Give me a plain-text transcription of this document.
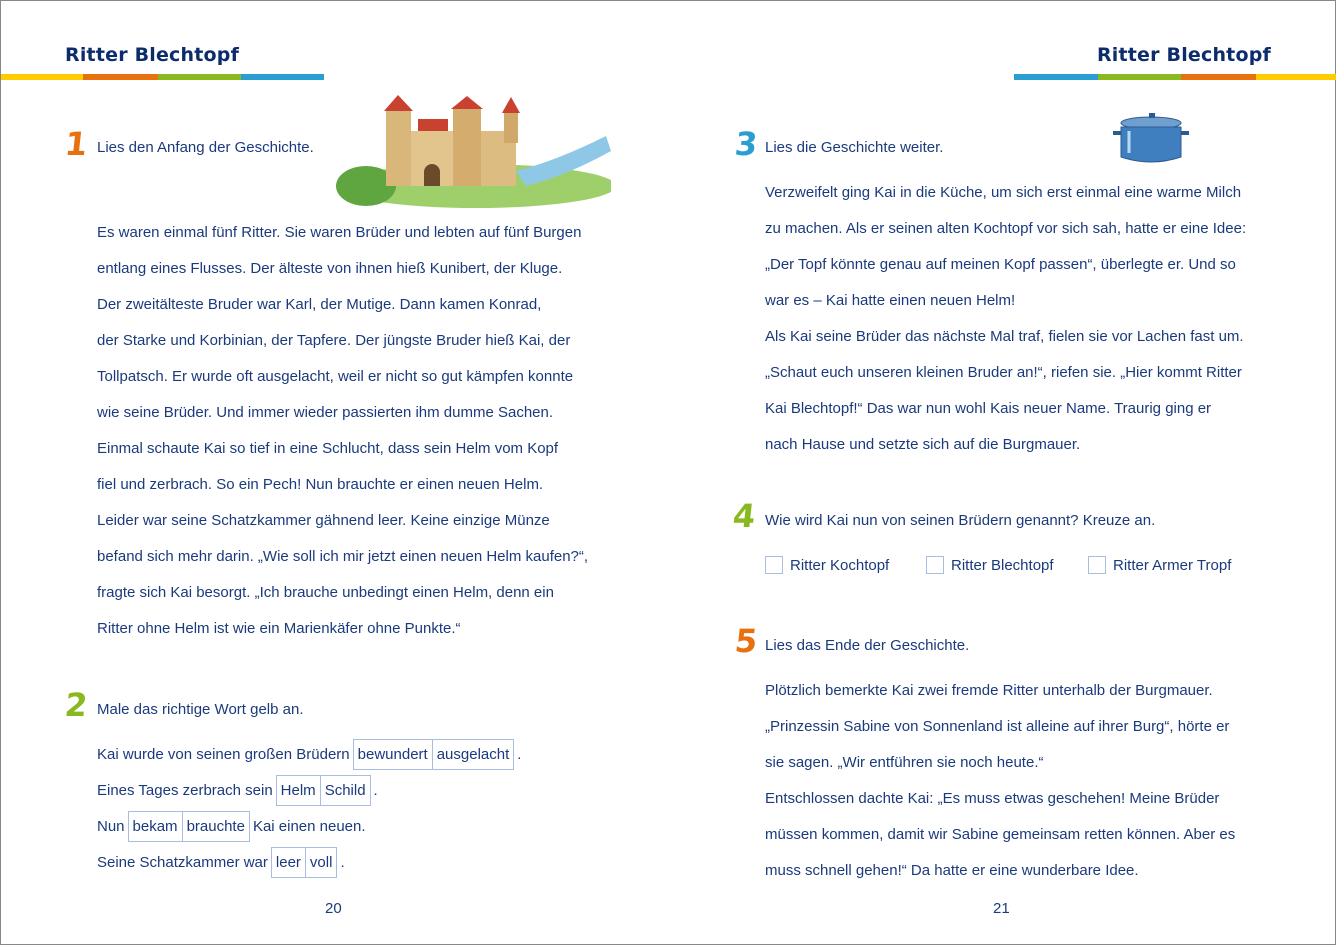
Ritter Blechtopf	Ritter Blechtopf
1 Lies den Anfang der Geschichte.
Es waren einmal fünf Ritter. Sie waren Brüder und lebten auf fünf Burgen
entlang eines Flusses. Der älteste von ihnen hieß Kunibert, der Kluge.
Der zweitälteste Bruder war Karl, der Mutige. Dann kamen Konrad,
der Starke und Korbinian, der Tapfere. Der jüngste Bruder hieß Kai, der
Tollpatsch. Er wurde oft ausgelacht, weil er nicht so gut kämpfen konnte
wie seine Brüder. Und immer wieder passierten ihm dumme Sachen.
Einmal schaute Kai so tief in eine Schlucht, dass sein Helm vom Kopf
fiel und zerbrach. So ein Pech! Nun brauchte er einen neuen Helm.
Leider war seine Schatzkammer gähnend leer. Keine einzige Münze
befand sich mehr darin. „Wie soll ich mir jetzt einen neuen Helm kaufen?“,
fragte sich Kai besorgt. „Ich brauche unbedingt einen Helm, denn ein
Ritter ohne Helm ist wie ein Marienkäfer ohne Punkte.“
2 Male das richtige Wort gelb an.
Kai wurde von seinen großen Brüdern bewundert ausgelacht .
Eines Tages zerbrach sein Helm Schild .
Nun bekam brauchte Kai einen neuen.
Seine Schatzkammer war leer voll .
20
3 Lies die Geschichte weiter.
Verzweifelt ging Kai in die Küche, um sich erst einmal eine warme Milch
zu machen. Als er seinen alten Kochtopf vor sich sah, hatte er eine Idee:
„Der Topf könnte genau auf meinen Kopf passen“, überlegte er. Und so
war es – Kai hatte einen neuen Helm!
Als Kai seine Brüder das nächste Mal traf, fielen sie vor Lachen fast um.
„Schaut euch unseren kleinen Bruder an!“, riefen sie. „Hier kommt Ritter
Kai Blechtopf!“ Das war nun wohl Kais neuer Name. Traurig ging er
nach Hause und setzte sich auf die Burgmauer.
4 Wie wird Kai nun von seinen Brüdern genannt? Kreuze an.
Ritter Kochtopf	Ritter Blechtopf	Ritter Armer Tropf
5 Lies das Ende der Geschichte.
Plötzlich bemerkte Kai zwei fremde Ritter unterhalb der Burgmauer.
„Prinzessin Sabine von Sonnenland ist alleine auf ihrer Burg“, hörte er
sie sagen. „Wir entführen sie noch heute.“
Entschlossen dachte Kai: „Es muss etwas geschehen! Meine Brüder
müssen kommen, damit wir Sabine gemeinsam retten können. Aber es
muss schnell gehen!“ Da hatte er eine wunderbare Idee.
21
